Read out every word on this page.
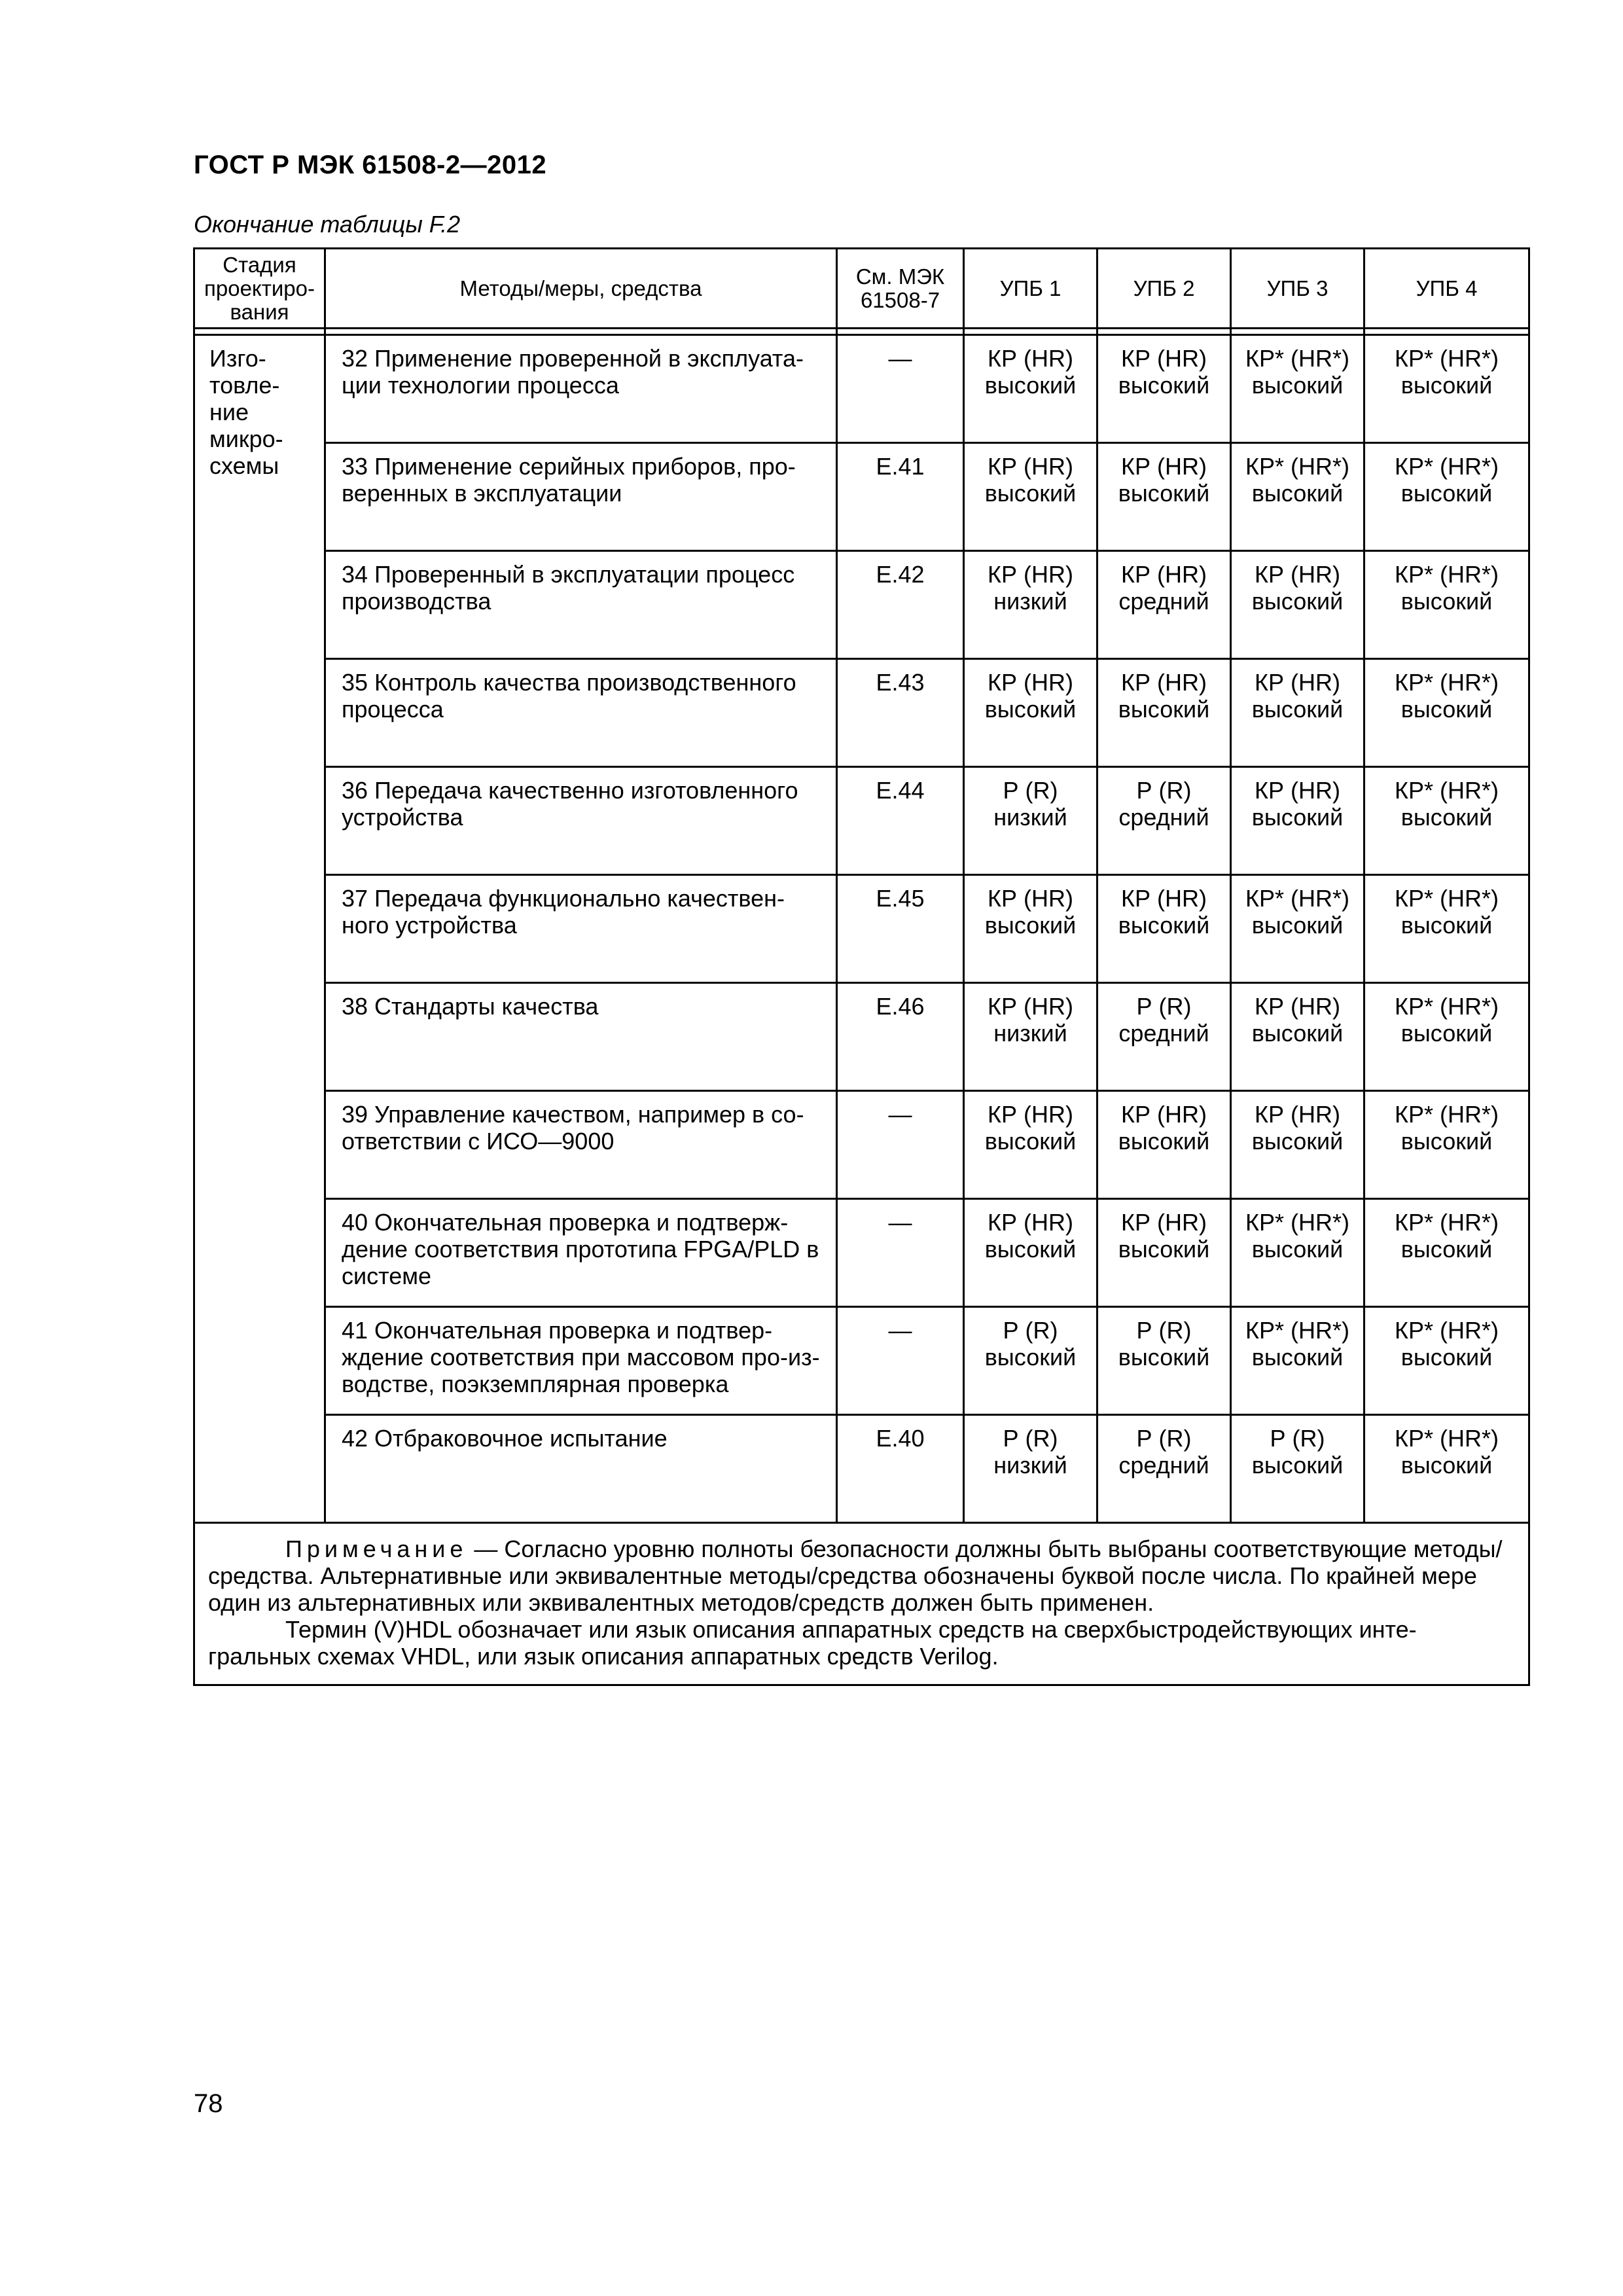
ГОСТ Р МЭК 61508-2—2012
Окончание таблицы F.2
Стадия проектиро-вания	Методы/меры, средства	См. МЭК 61508-7	УПБ 1	УПБ 2	УПБ 3	УПБ 4

Изго-товле-ние микро-схемы	32 Применение проверенной в эксплуата-ции технологии процесса	—	КР (HR) высокий	КР (HR) высокий	КР* (HR*) высокий	КР* (HR*) высокий
	33 Применение серийных приборов, про-веренных в эксплуатации	E.41	КР (HR) высокий	КР (HR) высокий	КР* (HR*) высокий	КР* (HR*) высокий
	34 Проверенный в эксплуатации процесс производства	E.42	КР (HR) низкий	КР (HR) средний	КР (HR) высокий	КР* (HR*) высокий
	35 Контроль качества производственного процесса	E.43	КР (HR) высокий	КР (HR) высокий	КР (HR) высокий	КР* (HR*) высокий
	36 Передача качественно изготовленного устройства	E.44	Р (R) низкий	Р (R) средний	КР (HR) высокий	КР* (HR*) высокий
	37 Передача функционально качествен-ного устройства	E.45	КР (HR) высокий	КР (HR) высокий	КР* (HR*) высокий	КР* (HR*) высокий
	38 Стандарты качества	E.46	КР (HR) низкий	Р (R) средний	КР (HR) высокий	КР* (HR*) высокий
	39 Управление качеством, например в со-ответствии с ИСО—9000	—	КР (HR) высокий	КР (HR) высокий	КР (HR) высокий	КР* (HR*) высокий
	40 Окончательная проверка и подтверж-дение соответствия прототипа FPGA/PLD в системе	—	КР (HR) высокий	КР (HR) высокий	КР* (HR*) высокий	КР* (HR*) высокий
	41 Окончательная проверка и подтвер-ждение соответствия при массовом про-из-водстве, поэкземплярная проверка	—	Р (R) высокий	Р (R) высокий	КР* (HR*) высокий	КР* (HR*) высокий
	42 Отбраковочное испытание	E.40	Р (R) низкий	Р (R) средний	Р (R) высокий	КР* (HR*) высокий

Примечание — Согласно уровню полноты безопасности должны быть выбраны соответствующие методы/средства. Альтернативные или эквивалентные методы/средства обозначены буквой после числа. По крайней мере один из альтернативных или эквивалентных методов/средств должен быть применен.

Термин (V)HDL обозначает или язык описания аппаратных средств на сверхбыстродействующих инте-гральных схемах VHDL, или язык описания аппаратных средств Verilog.						

78
